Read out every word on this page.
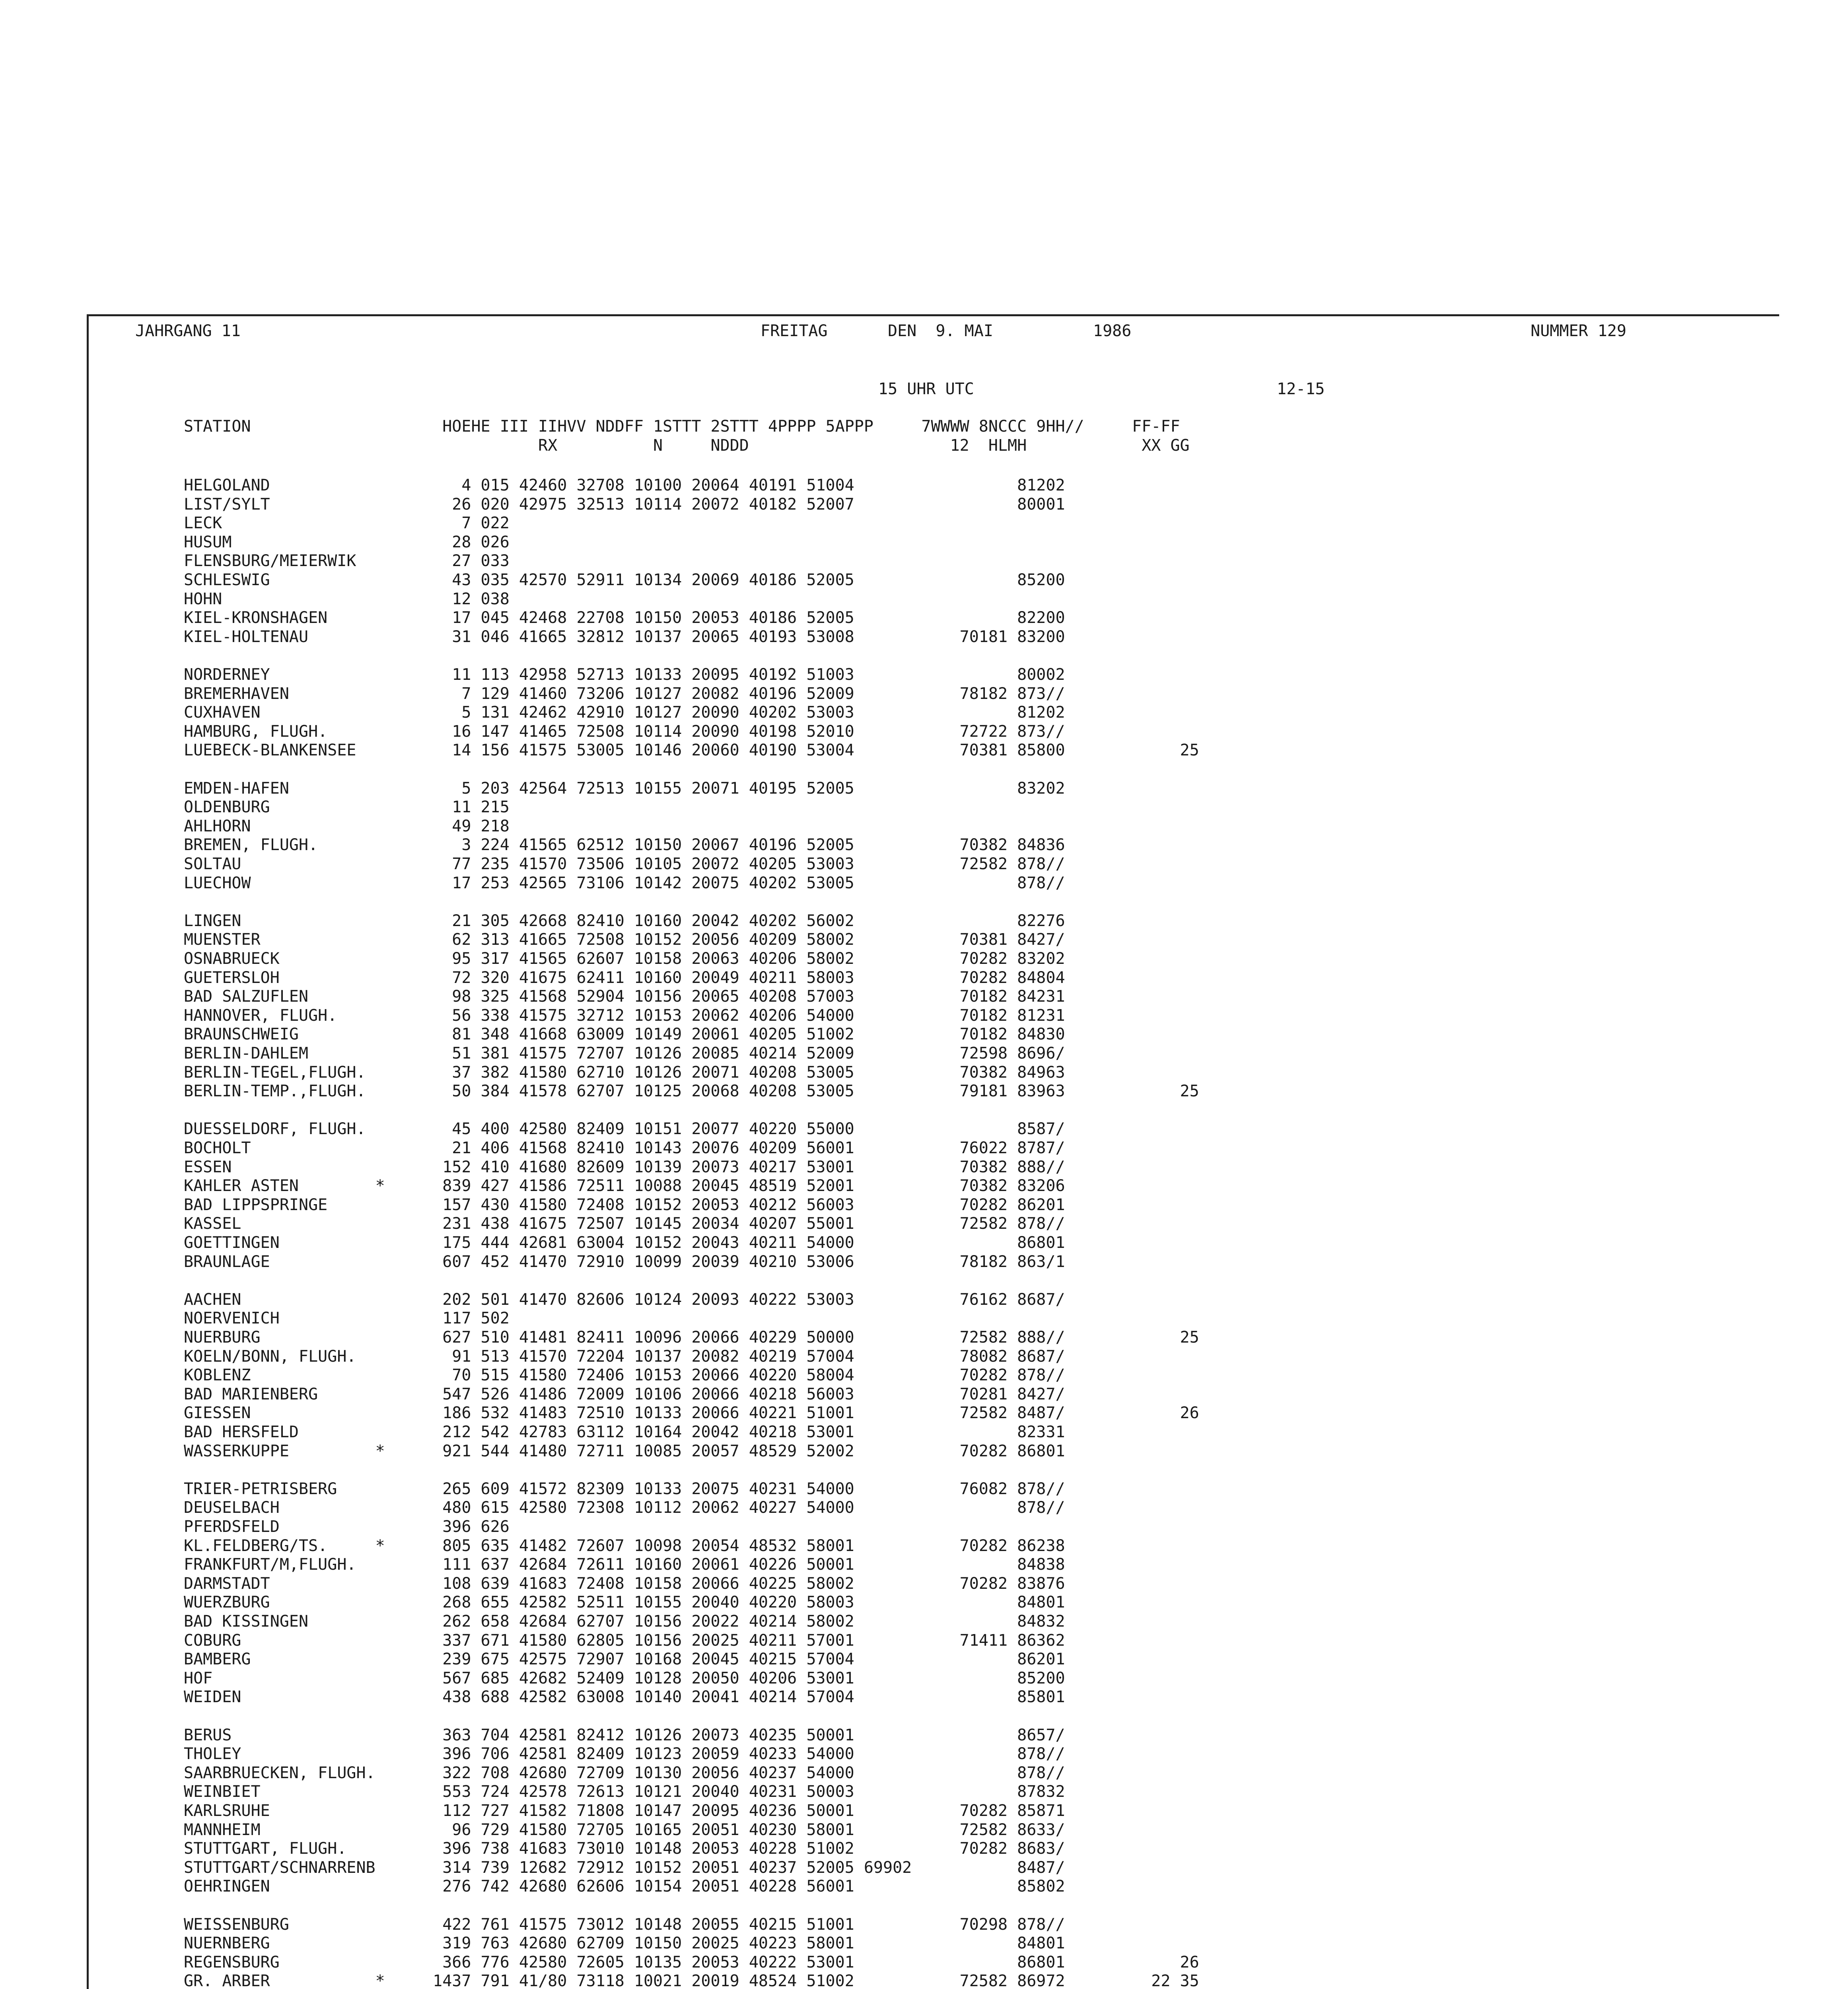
JAHRGANG 11	FREITAG	DEN  9. MAI	1986	NUMMER 129
15 UHR UTC	12-15
STATION                    HOEHE III IIHVV NDDFF 1STTT 2STTT 4PPPP 5APPP     7WWWW 8NCCC 9HH//     FF-FF
RX          N     NDDD                     12  HLMH            XX GG
HELGOLAND                    4 015 42460 32708 10100 20064 40191 51004                 81202
LIST/SYLT                   26 020 42975 32513 10114 20072 40182 52007                 80001
LECK                         7 022
HUSUM                       28 026
FLENSBURG/MEIERWIK          27 033
SCHLESWIG                   43 035 42570 52911 10134 20069 40186 52005                 85200
HOHN                        12 038
KIEL-KRONSHAGEN             17 045 42468 22708 10150 20053 40186 52005                 82200
KIEL-HOLTENAU               31 046 41665 32812 10137 20065 40193 53008           70181 83200
NORDERNEY                   11 113 42958 52713 10133 20095 40192 51003                 80002
BREMERHAVEN                  7 129 41460 73206 10127 20082 40196 52009           78182 873//
CUXHAVEN                     5 131 42462 42910 10127 20090 40202 53003                 81202
HAMBURG, FLUGH.             16 147 41465 72508 10114 20090 40198 52010           72722 873//
LUEBECK-BLANKENSEE          14 156 41575 53005 10146 20060 40190 53004           70381 85800            25
EMDEN-HAFEN                  5 203 42564 72513 10155 20071 40195 52005                 83202
OLDENBURG                   11 215
AHLHORN                     49 218
BREMEN, FLUGH.               3 224 41565 62512 10150 20067 40196 52005           70382 84836
SOLTAU                      77 235 41570 73506 10105 20072 40205 53003           72582 878//
LUECHOW                     17 253 42565 73106 10142 20075 40202 53005                 878//
LINGEN                      21 305 42668 82410 10160 20042 40202 56002                 82276
MUENSTER                    62 313 41665 72508 10152 20056 40209 58002           70381 8427/
OSNABRUECK                  95 317 41565 62607 10158 20063 40206 58002           70282 83202
GUETERSLOH                  72 320 41675 62411 10160 20049 40211 58003           70282 84804
BAD SALZUFLEN               98 325 41568 52904 10156 20065 40208 57003           70182 84231
HANNOVER, FLUGH.            56 338 41575 32712 10153 20062 40206 54000           70182 81231
BRAUNSCHWEIG                81 348 41668 63009 10149 20061 40205 51002           70182 84830
BERLIN-DAHLEM               51 381 41575 72707 10126 20085 40214 52009           72598 8696/
BERLIN-TEGEL,FLUGH.         37 382 41580 62710 10126 20071 40208 53005           70382 84963
BERLIN-TEMP.,FLUGH.         50 384 41578 62707 10125 20068 40208 53005           79181 83963            25
DUESSELDORF, FLUGH.         45 400 42580 82409 10151 20077 40220 55000                 8587/
BOCHOLT                     21 406 41568 82410 10143 20076 40209 56001           76022 8787/
ESSEN                      152 410 41680 82609 10139 20073 40217 53001           70382 888//
KAHLER ASTEN        *      839 427 41586 72511 10088 20045 48519 52001           70382 83206
BAD LIPPSPRINGE            157 430 41580 72408 10152 20053 40212 56003           70282 86201
KASSEL                     231 438 41675 72507 10145 20034 40207 55001           72582 878//
GOETTINGEN                 175 444 42681 63004 10152 20043 40211 54000                 86801
BRAUNLAGE                  607 452 41470 72910 10099 20039 40210 53006           78182 863/1
AACHEN                     202 501 41470 82606 10124 20093 40222 53003           76162 8687/
NOERVENICH                 117 502
NUERBURG                   627 510 41481 82411 10096 20066 40229 50000           72582 888//            25
KOELN/BONN, FLUGH.          91 513 41570 72204 10137 20082 40219 57004           78082 8687/
KOBLENZ                     70 515 41580 72406 10153 20066 40220 58004           70282 878//
BAD MARIENBERG             547 526 41486 72009 10106 20066 40218 56003           70281 8427/
GIESSEN                    186 532 41483 72510 10133 20066 40221 51001           72582 8487/            26
BAD HERSFELD               212 542 42783 63112 10164 20042 40218 53001                 82331
WASSERKUPPE         *      921 544 41480 72711 10085 20057 48529 52002           70282 86801
TRIER-PETRISBERG           265 609 41572 82309 10133 20075 40231 54000           76082 878//
DEUSELBACH                 480 615 42580 72308 10112 20062 40227 54000                 878//
PFERDSFELD                 396 626
KL.FELDBERG/TS.     *      805 635 41482 72607 10098 20054 48532 58001           70282 86238
FRANKFURT/M,FLUGH.         111 637 42684 72611 10160 20061 40226 50001                 84838
DARMSTADT                  108 639 41683 72408 10158 20066 40225 58002           70282 83876
WUERZBURG                  268 655 42582 52511 10155 20040 40220 58003                 84801
BAD KISSINGEN              262 658 42684 62707 10156 20022 40214 58002                 84832
COBURG                     337 671 41580 62805 10156 20025 40211 57001           71411 86362
BAMBERG                    239 675 42575 72907 10168 20045 40215 57004                 86201
HOF                        567 685 42682 52409 10128 20050 40206 53001                 85200
WEIDEN                     438 688 42582 63008 10140 20041 40214 57004                 85801
BERUS                      363 704 42581 82412 10126 20073 40235 50001                 8657/
THOLEY                     396 706 42581 82409 10123 20059 40233 54000                 878//
SAARBRUECKEN, FLUGH.       322 708 42680 72709 10130 20056 40237 54000                 878//
WEINBIET                   553 724 42578 72613 10121 20040 40231 50003                 87832
KARLSRUHE                  112 727 41582 71808 10147 20095 40236 50001           70282 85871
MANNHEIM                    96 729 41580 72705 10165 20051 40230 58001           72582 8633/
STUTTGART, FLUGH.          396 738 41683 73010 10148 20053 40228 51002           70282 8683/
STUTTGART/SCHNARRENB       314 739 12682 72912 10152 20051 40237 52005 69902           8487/
OEHRINGEN                  276 742 42680 62606 10154 20051 40228 56001                 85802
WEISSENBURG                422 761 41575 73012 10148 20055 40215 51001           70298 878//
NUERNBERG                  319 763 42680 62709 10150 20025 40223 58001                 84801
REGENSBURG                 366 776 42580 72605 10135 20053 40222 53001                 86801            26
GR. ARBER           *     1437 791 41/80 73118 10021 20019 48524 51002           72582 86972         22 35
